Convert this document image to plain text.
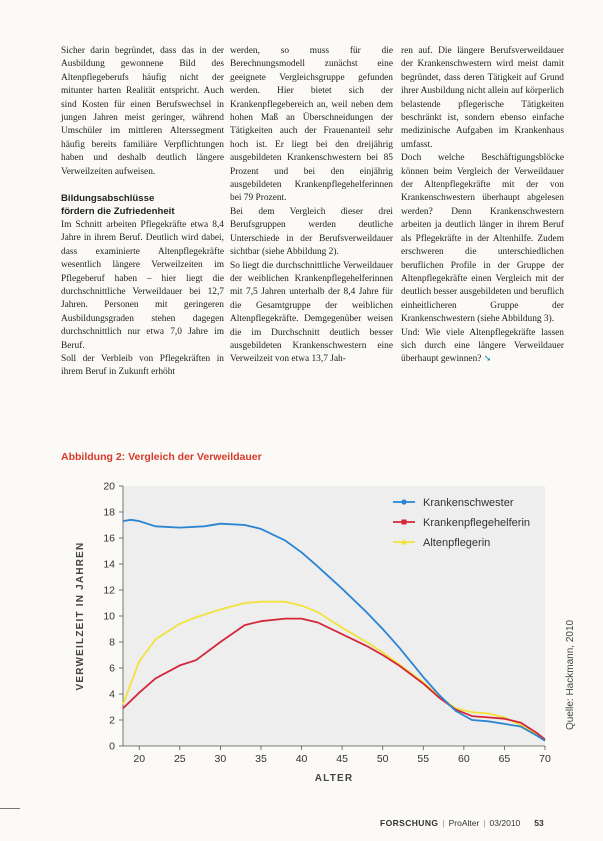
Sicher darin begründet, dass das in der Ausbildung gewonnene Bild des Altenpflegeberufs häufig nicht der mitunter harten Realität entspricht. Auch sind Kosten für einen Berufswechsel in jungen Jahren meist geringer, während Umschüler im mittleren Alterssegment häufig bereits familiäre Verpflichtungen haben und deshalb deutlich längere Verweilzeiten aufweisen.

Bildungsabschlüsse
fördern die Zufriedenheit

Im Schnitt arbeiten Pflegekräfte etwa 8,4 Jahre in ihrem Beruf. Deutlich wird dabei, dass examinierte Altenpflegekräfte wesentlich längere Verweilzeiten im Pflegeberuf haben – hier liegt die durchschnittliche Verweildauer bei 12,7 Jahren. Personen mit geringeren Ausbildungsgraden stehen dagegen durchschnittlich nur etwa 7,0 Jahre im Beruf.

Soll der Verbleib von Pflegekräften in ihrem Beruf in Zukunft erhöht

werden, so muss für die Berechnungsmodell zunächst eine geeignete Vergleichsgruppe gefunden werden. Hier bietet sich der Krankenpflegebereich an, weil neben dem hohen Maß an Überschneidungen der Tätigkeiten auch der Frauenanteil sehr hoch ist. Er liegt bei den dreijährig ausgebildeten Krankenschwestern bei 85 Prozent und bei den einjährig ausgebildeten Krankenpflegehelferinnen bei 79 Prozent.

Bei dem Vergleich dieser drei Berufsgruppen werden deutliche Unterschiede in der Berufsverweildauer sichtbar (siehe Abbildung 2).

So liegt die durchschnittliche Verweildauer der weiblichen Krankenpflegehelferinnen mit 7,5 Jahren unterhalb der 8,4 Jahre für die Gesamtgruppe der weiblichen Altenpflegekräfte. Demgegenüber weisen die im Durchschnitt deutlich besser ausgebildeten Krankenschwestern eine Verweilzeit von etwa 13,7 Jah-

ren auf. Die längere Berufsverweildauer der Krankenschwestern wird meist damit begründet, dass deren Tätigkeit auf Grund ihrer Ausbildung nicht allein auf körperlich belastende pflegerische Tätigkeiten beschränkt ist, sondern ebenso einfache medizinische Aufgaben im Krankenhaus umfasst.

Doch welche Beschäftigungsblöcke können beim Vergleich der Verweildauer der Altenpflegekräfte mit der von Krankenschwestern überhaupt abgelesen werden? Denn Krankenschwestern arbeiten ja deutlich länger in ihrem Beruf als Pflegekräfte in der Altenhilfe. Zudem erschweren die unterschiedlichen beruflichen Profile in der Gruppe der Altenpflegekräfte einen Vergleich mit der deutlich besser ausgebildeten und beruflich einheitlicheren Gruppe der Krankenschwestern (siehe Abbildung 3).

Und: Wie viele Altenpflegekräfte lassen sich durch eine längere Verweildauer überhaupt gewinnen? ➘

Abbildung 2: Vergleich der Verweildauer
0
2
4
6
8
10
12
14
16
18
20
20	25	30	35	40	45	50	55	60	65	70
ALTER
VERWEILZEIT IN JAHREN
Krankenschwester
Krankenpflegehelferin
Altenpflegerin
Quelle: Hackmann, 2010
FORSCHUNG | ProAlter | 03/2010 53
